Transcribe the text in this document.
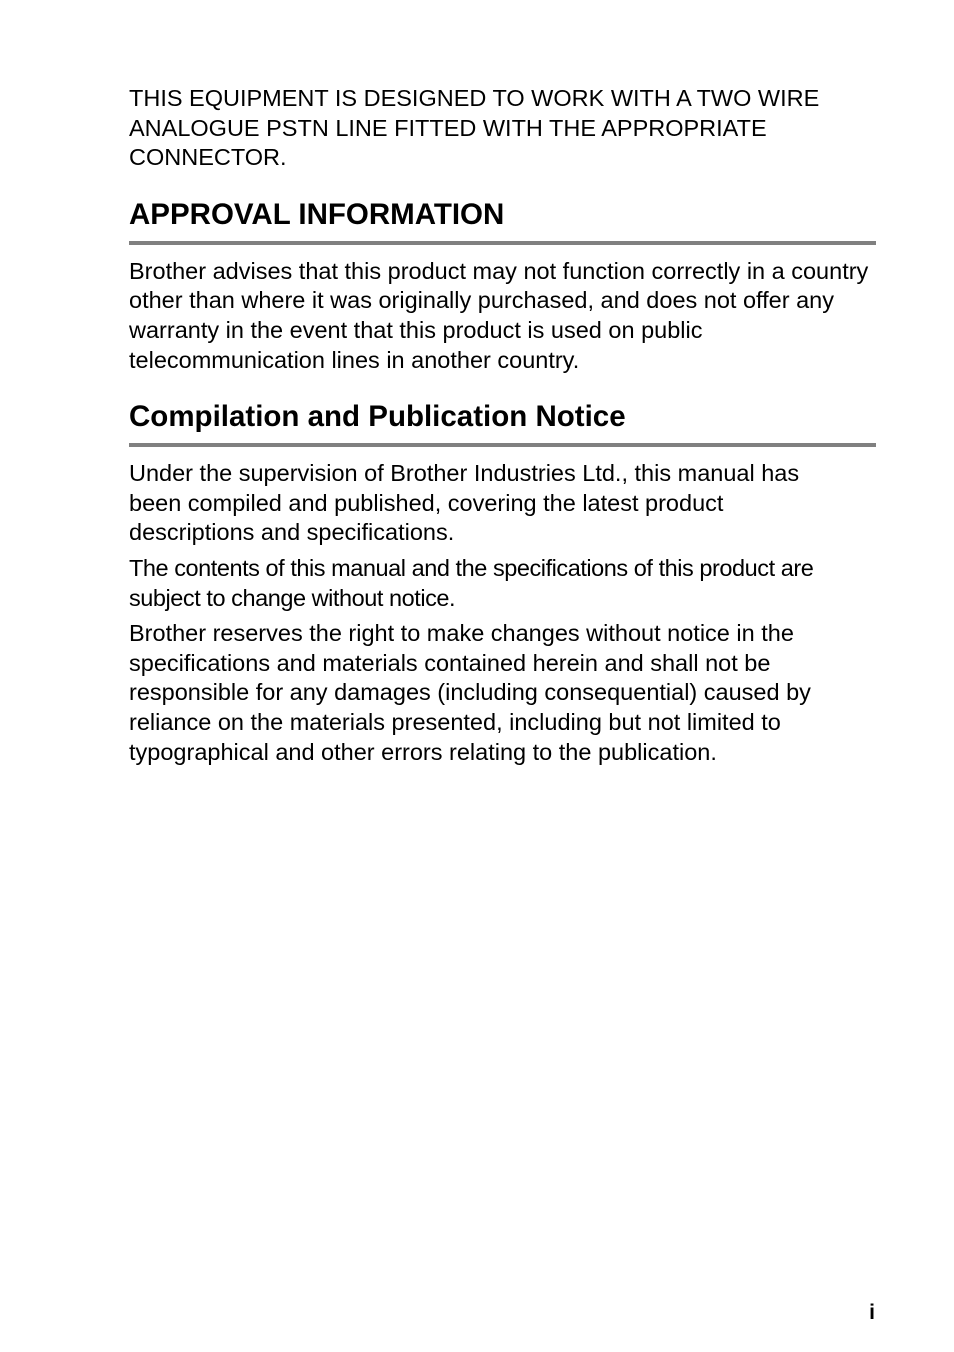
THIS EQUIPMENT IS DESIGNED TO WORK WITH A TWO WIRE ANALOGUE PSTN LINE FITTED WITH THE APPROPRIATE CONNECTOR.

APPROVAL INFORMATION

Brother advises that this product may not function correctly in a country other than where it was originally purchased, and does not offer any warranty in the event that this product is used on public telecommunication lines in another country.

Compilation and Publication Notice

Under the supervision of Brother Industries Ltd., this manual has been compiled and published, covering the latest product descriptions and specifications.

The contents of this manual and the specifications of this product are subject to change without notice.

Brother reserves the right to make changes without notice in the specifications and materials contained herein and shall not be responsible for any damages (including consequential) caused by reliance on the materials presented, including but not limited to typographical and other errors relating to the publication.

i
